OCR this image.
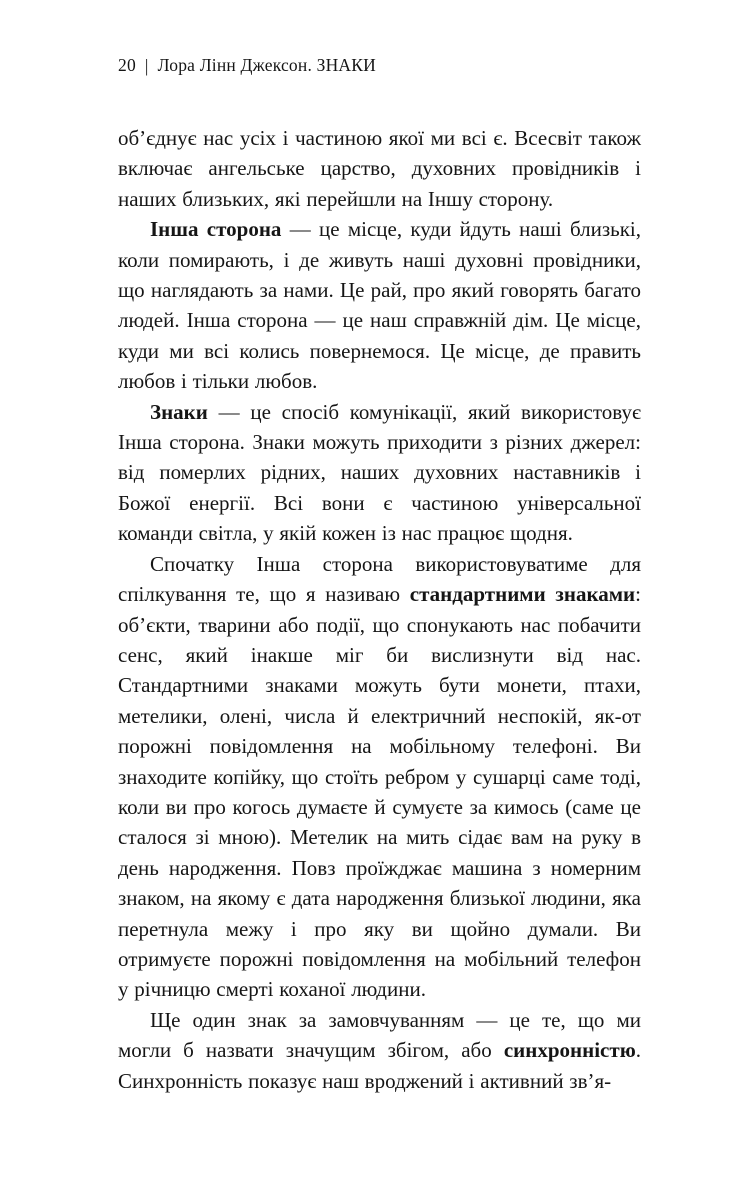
20 | Лора Лінн Джексон. ЗНАКИ

об’єднує нас усіх і частиною якої ми всі є. Всесвіт також включає ангельське царство, духовних провідників і наших близьких, які перейшли на Іншу сторону.

Інша сторона — це місце, куди йдуть наші близькі, коли помирають, і де живуть наші духовні провідники, що наглядають за нами. Це рай, про який говорять багато людей. Інша сторона — це наш справжній дім. Це місце, куди ми всі колись повернемося. Це місце, де править любов і тільки любов.

Знаки — це спосіб комунікації, який використовує Інша сторона. Знаки можуть приходити з різних джерел: від померлих рідних, наших духовних наставників і Божої енергії. Всі вони є частиною універсальної команди світла, у якій кожен із нас працює щодня.

Спочатку Інша сторона використовуватиме для спілкування те, що я називаю стандартними знаками: об’єкти, тварини або події, що спонукають нас побачити сенс, який інакше міг би вислизнути від нас. Стандартними знаками можуть бути монети, птахи, метелики, олені, числа й електричний неспокій, як-от порожні повідомлення на мобільному телефоні. Ви знаходите копійку, що стоїть ребром у сушарці саме тоді, коли ви про когось думаєте й сумуєте за кимось (саме це сталося зі мною). Метелик на мить сідає вам на руку в день народження. Повз проїжджає машина з номерним знаком, на якому є дата народження близької людини, яка перетнула межу і про яку ви щойно думали. Ви отримуєте порожні повідомлення на мобільний телефон у річницю смерті коханої людини.

Ще один знак за замовчуванням — це те, що ми могли б назвати значущим збігом, або синхронністю. Синхронність показує наш вроджений і активний зв’я-
